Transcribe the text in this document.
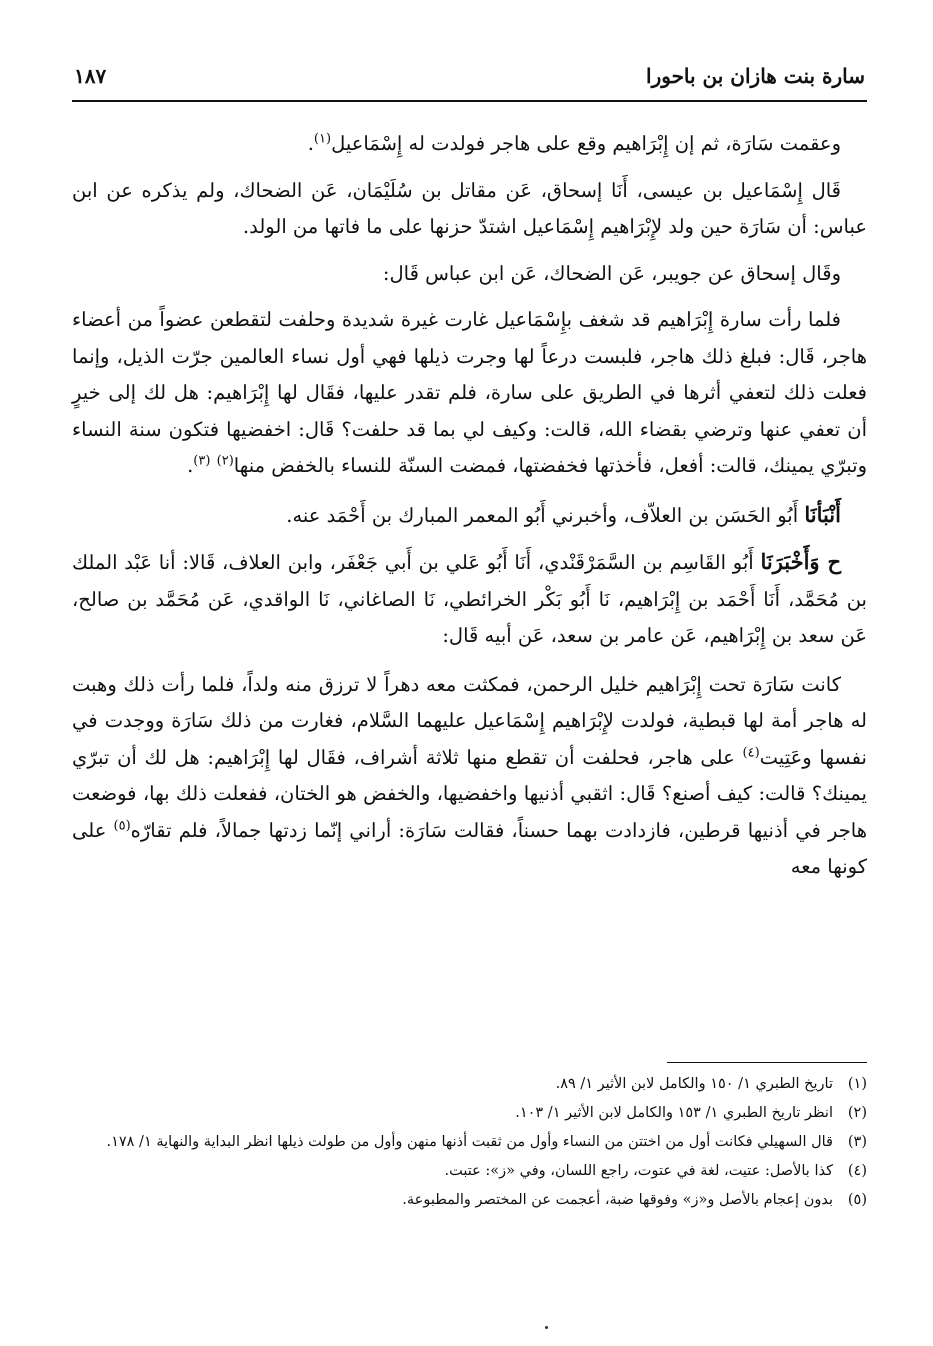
سارة بنت هازان بن باحورا
١٨٧

وعقمت سَارَة، ثم إن إِبْرَاهيم وقع على هاجر فولدت له إِسْمَاعيل$^{(١)}$.

قَال إِسْمَاعيل بن عيسى، أَنَا إسحاق، عَن مقاتل بن سُلَيْمَان، عَن الضحاك، ولم يذكره عن ابن عباس: أن سَارَة حين ولد لإِبْرَاهيم إِسْمَاعيل اشتدّ حزنها على ما فاتها من الولد.

وقَال إسحاق عن جويبر، عَن الضحاك، عَن ابن عباس قَال:

فلما رأت سارة إِبْرَاهيم قد شغف بإِسْمَاعيل غارت غيرة شديدة وحلفت لتقطعن عضواً من أعضاء هاجر، قَال: فبلغ ذلك هاجر، فلبست درعاً لها وجرت ذيلها فهي أول نساء العالمين جرّت الذيل، وإنما فعلت ذلك لتعفي أثرها في الطريق على سارة، فلم تقدر عليها، فقَال لها إِبْرَاهيم: هل لك إلى خيرٍ أن تعفي عنها وترضي بقضاء الله، قالت: وكيف لي بما قد حلفت؟ قَال: اخفضيها فتكون سنة النساء وتبرّي يمينك، قالت: أفعل، فأخذتها فخفضتها، فمضت السنّة للنساء بالخفض منها$^{(٢)}$ $^{(٣)}$.

أَنْبَأنَا أَبُو الحَسَن بن العلاّف، وأخبرني أَبُو المعمر المبارك بن أَحْمَد عنه.

ح وَأَخْبَرَنَا أَبُو القَاسِم بن السَّمَرْقَنْدي، أَنَا أَبُو عَلي بن أَبي جَعْفَر، وابن العلاف، قَالا: أنا عَبْد الملك بن مُحَمَّد، أَنَا أَحْمَد بن إِبْرَاهيم، نَا أَبُو بَكْر الخرائطي، نَا الصاغاني، نَا الواقدي، عَن مُحَمَّد بن صالح، عَن سعد بن إِبْرَاهيم، عَن عامر بن سعد، عَن أبيه قَال:

كانت سَارَة تحت إِبْرَاهيم خليل الرحمن، فمكثت معه دهراً لا ترزق منه ولداً، فلما رأت ذلك وهبت له هاجر أمة لها قبطية، فولدت لإِبْرَاهيم إِسْمَاعيل عليهما السَّلام، فغارت من ذلك سَارَة ووجدت في نفسها وعَتِيت$^{(٤)}$ على هاجر، فحلفت أن تقطع منها ثلاثة أشراف، فقَال لها إِبْرَاهيم: هل لك أن تبرّي يمينك؟ قالت: كيف أصنع؟ قَال: اثقبي أذنيها واخفضيها، والخفض هو الختان، ففعلت ذلك بها، فوضعت هاجر في أذنيها قرطين، فازدادت بهما حسناً، فقالت سَارَة: أراني إنّما زدتها جمالاً، فلم تقارّه$^{(٥)}$ على كونها معه

(١)
تاريخ الطبري ١/ ١٥٠ والكامل لابن الأثير ١/ ٨٩.
(٢)
انظر تاريخ الطبري ١/ ١٥٣ والكامل لابن الأثير ١/ ١٠٣.
(٣)
قال السهيلي فكانت أول من اختتن من النساء وأول من ثقبت أذنها منهن وأول من طولت ذيلها انظر البداية والنهاية ١/ ١٧٨.
(٤)
كذا بالأصل: عتيت، لغة في عتوت، راجع اللسان، وفي «ز»: عتبت.
(٥)
بدون إعجام بالأصل و«ز» وفوقها ضبة، أعجمت عن المختصر والمطبوعة.
